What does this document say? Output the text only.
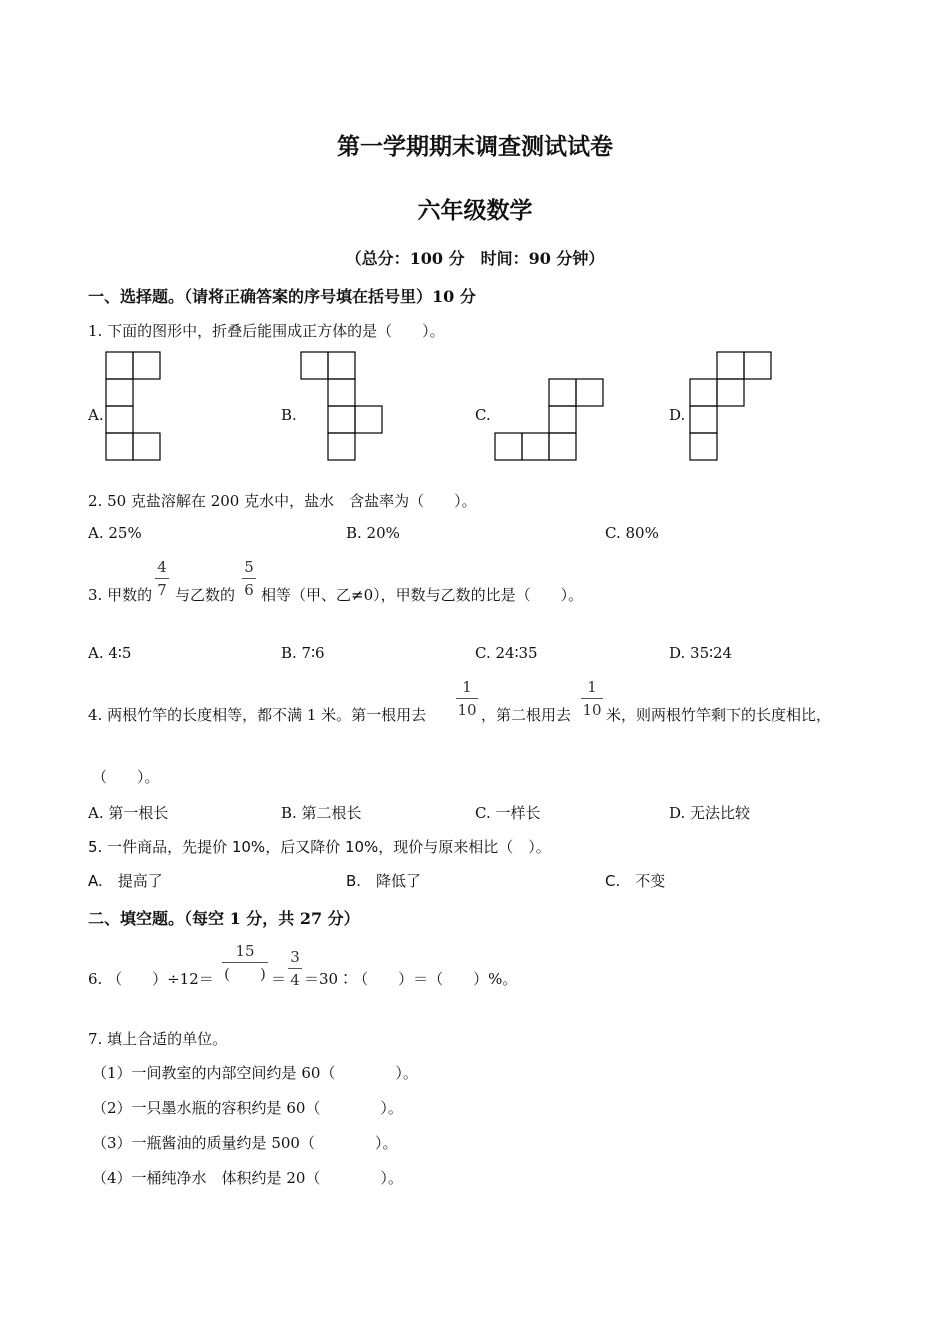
第一学期期末调查测试试卷
六年级数学
（总分：100 分　时间：90 分钟）
一、选择题。（请将正确答案的序号填在括号里）10 分
1. 下面的图形中，折叠后能围成正方体的是（　　）。
A.	B.	C.	D.
2. 50 克盐溶解在 200 克水中，盐水　含盐率为（　　）。
A. 25%	B. 20%	C. 80%
3. 甲数的
4
7 与乙数的
5
6 相等（甲、乙≠0），甲数与乙数的比是（　　）。
A. 4∶5	B. 7∶6	C. 24∶35	D. 35∶24
4. 两根竹竿的长度相等，都不满 1 米。第一根用去
1
10 ，第二根用去
1
10 米，则两根竹竿剩下的长度相比，
（　　）。
A. 第一根长	B. 第二根长	C. 一样长	D. 无法比较
5. 一件商品，先提价 10%，后又降价 10%，现价与原来相比（　）。
A.　提高了	B.　降低了	C.　不变
二、填空题。（每空 1 分，共 27 分）
6. （　　）÷12＝
15
(　　) ＝
3
4 ＝30∶（　　）＝（　　）%。
7. 填上合适的单位。
（1）一间教室的内部空间约是 60（　　　　）。
（2）一只墨水瓶的容积约是 60（　　　　）。
（3）一瓶酱油的质量约是 500（　　　　）。
（4）一桶纯净水　体积约是 20（　　　　）。
